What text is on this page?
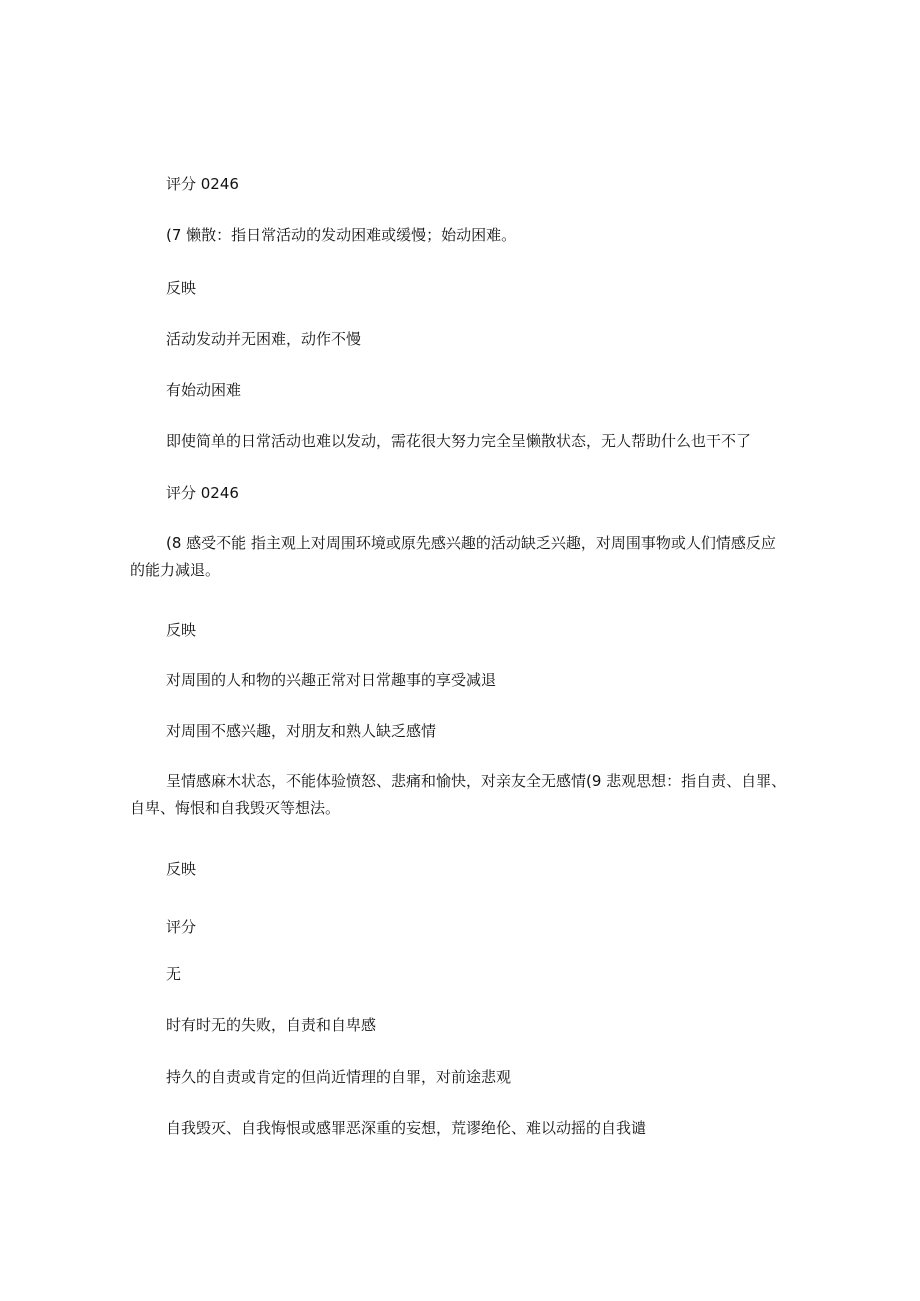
评分 0246

(7 懒散：指日常活动的发动困难或缓慢；始动困难。

反映

活动发动并无困难，动作不慢

有始动困难

即使简单的日常活动也难以发动，需花很大努力完全呈懒散状态，无人帮助什么也干不了

评分 0246

(8 感受不能 指主观上对周围环境或原先感兴趣的活动缺乏兴趣，对周围事物或人们情感反应的能力减退。

反映

对周围的人和物的兴趣正常对日常趣事的享受减退

对周围不感兴趣，对朋友和熟人缺乏感情

呈情感麻木状态，不能体验愤怒、悲痛和愉快，对亲友全无感情(9 悲观思想：指自责、自罪、自卑、悔恨和自我毁灭等想法。

反映

评分

无

时有时无的失败，自责和自卑感

持久的自责或肯定的但尚近情理的自罪，对前途悲观

自我毁灭、自我悔恨或感罪恶深重的妄想，荒谬绝伦、难以动摇的自我谴
